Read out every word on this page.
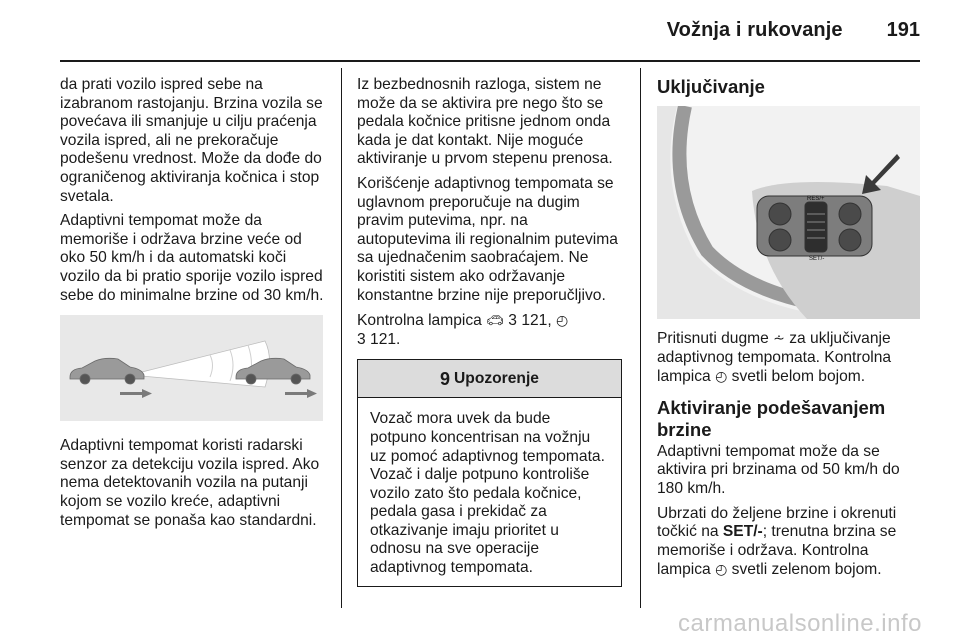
Vožnja i rukovanje 191

da prati vozilo ispred sebe na izabranom rastojanju. Brzina vozila se povećava ili smanjuje u cilju praćenja vozila ispred, ali ne prekoračuje podešenu vrednost. Može da dođe do ograničenog aktiviranja kočnica i stop svetala.

Adaptivni tempomat može da memoriše i održava brzine veće od oko 50 km/h i da automatski koči vozilo da bi pratio sporije vozilo ispred sebe do minimalne brzine od 30 km/h.

Adaptivni tempomat koristi radarski senzor za detekciju vozila ispred. Ako nema detektovanih vozila na putanji kojom se vozilo kreće, adaptivni tempomat se ponaša kao standardni.

Iz bezbednosnih razloga, sistem ne može da se aktivira pre nego što se pedala kočnice pritisne jednom onda kada je dat kontakt. Nije moguće aktiviranje u prvom stepenu prenosa.

Korišćenje adaptivnog tempomata se uglavnom preporučuje na dugim pravim putevima, npr. na autoputevima ili regionalnim putevima sa ujednačenim saobraćajem. Ne koristiti sistem ako održavanje konstantne brzine nije preporučljivo.

Kontrolna lampica 🚗︎ 3 121, ◴
3 121.

9 Upozorenje
Vozač mora uvek da bude potpuno koncentrisan na vožnju uz pomoć adaptivnog tempomata. Vozač i dalje potpuno kontroliše vozilo zato što pedala kočnice, pedala gasa i prekidač za otkazivanje imaju prioritet u odnosu na sve operacije adaptivnog tempomata.
Uključivanje
RES/+
SET/-

Pritisnuti dugme ⩪ za uključivanje adaptivnog tempomata. Kontrolna lampica ◴ svetli belom bojom.

Aktiviranje podešavanjem brzine

Adaptivni tempomat može da se aktivira pri brzinama od 50 km/h do 180 km/h.

Ubrzati do željene brzine i okrenuti točkić na SET/-; trenutna brzina se memoriše i održava. Kontrolna lampica ◴ svetli zelenom bojom.

carmanualsonline.info
